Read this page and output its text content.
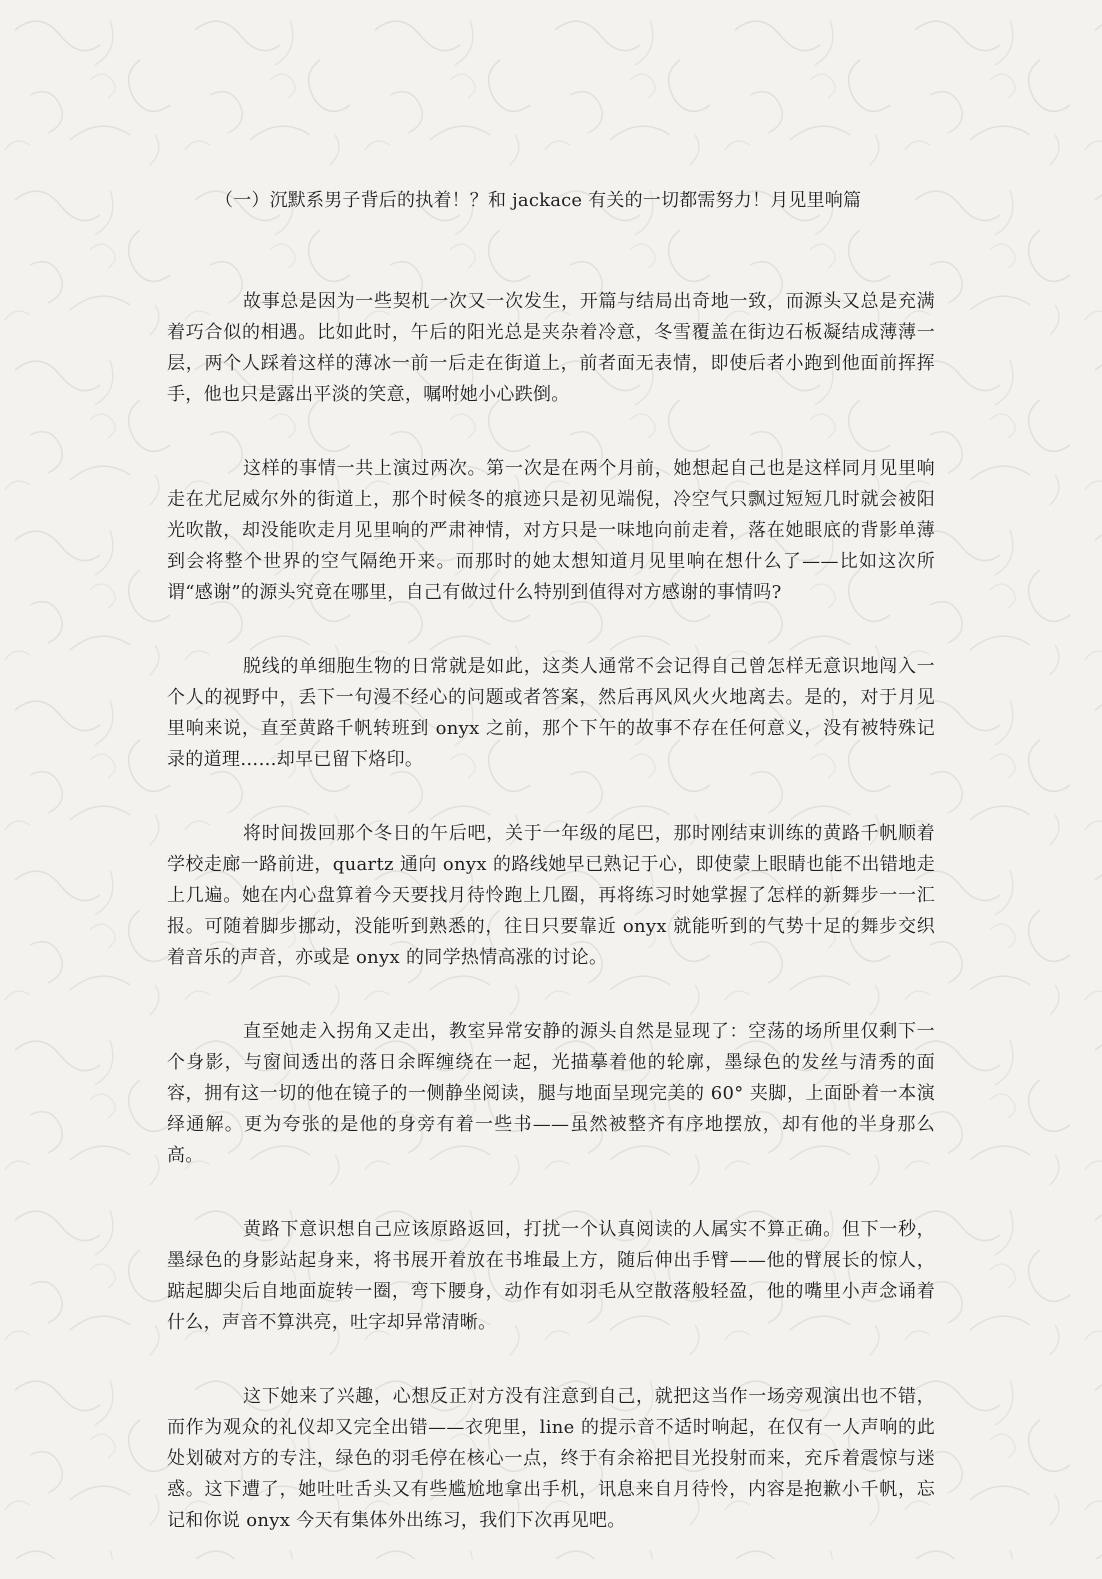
（一）沉默系男子背后的执着！？和 jackace 有关的一切都需努力！月见里响篇

故事总是因为一些契机一次又一次发生，开篇与结局出奇地一致，而源头又总是充满着巧合似的相遇。比如此时，午后的阳光总是夹杂着冷意，冬雪覆盖在街边石板凝结成薄薄一层，两个人踩着这样的薄冰一前一后走在街道上，前者面无表情，即使后者小跑到他面前挥挥手，他也只是露出平淡的笑意，嘱咐她小心跌倒。

这样的事情一共上演过两次。第一次是在两个月前，她想起自己也是这样同月见里响走在尤尼威尔外的街道上，那个时候冬的痕迹只是初见端倪，冷空气只飘过短短几时就会被阳光吹散，却没能吹走月见里响的严肃神情，对方只是一味地向前走着，落在她眼底的背影单薄到会将整个世界的空气隔绝开来。而那时的她太想知道月见里响在想什么了——比如这次所谓“感谢”的源头究竟在哪里，自己有做过什么特别到值得对方感谢的事情吗?

脱线的单细胞生物的日常就是如此，这类人通常不会记得自己曾怎样无意识地闯入一个人的视野中，丢下一句漫不经心的问题或者答案，然后再风风火火地离去。是的，对于月见里响来说，直至黄路千帆转班到 onyx 之前，那个下午的故事不存在任何意义，没有被特殊记录的道理……却早已留下烙印。

将时间拨回那个冬日的午后吧，关于一年级的尾巴，那时刚结束训练的黄路千帆顺着学校走廊一路前进，quartz 通向 onyx 的路线她早已熟记于心，即使蒙上眼睛也能不出错地走上几遍。她在内心盘算着今天要找月待怜跑上几圈，再将练习时她掌握了怎样的新舞步一一汇报。可随着脚步挪动，没能听到熟悉的，往日只要靠近 onyx 就能听到的气势十足的舞步交织着音乐的声音，亦或是 onyx 的同学热情高涨的讨论。

直至她走入拐角又走出，教室异常安静的源头自然是显现了：空荡的场所里仅剩下一个身影，与窗间透出的落日余晖缠绕在一起，光描摹着他的轮廓，墨绿色的发丝与清秀的面容，拥有这一切的他在镜子的一侧静坐阅读，腿与地面呈现完美的 60° 夹脚，上面卧着一本演绎通解。更为夸张的是他的身旁有着一些书——虽然被整齐有序地摆放，却有他的半身那么高。

黄路下意识想自己应该原路返回，打扰一个认真阅读的人属实不算正确。但下一秒，墨绿色的身影站起身来，将书展开着放在书堆最上方，随后伸出手臂——他的臂展长的惊人，踮起脚尖后自地面旋转一圈，弯下腰身，动作有如羽毛从空散落般轻盈，他的嘴里小声念诵着什么，声音不算洪亮，吐字却异常清晰。

这下她来了兴趣，心想反正对方没有注意到自己，就把这当作一场旁观演出也不错，而作为观众的礼仪却又完全出错——衣兜里，line 的提示音不适时响起，在仅有一人声响的此处划破对方的专注，绿色的羽毛停在核心一点，终于有余裕把目光投射而来，充斥着震惊与迷惑。这下遭了，她吐吐舌头又有些尴尬地拿出手机，讯息来自月待怜，内容是抱歉小千帆，忘记和你说 onyx 今天有集体外出练习，我们下次再见吧。
